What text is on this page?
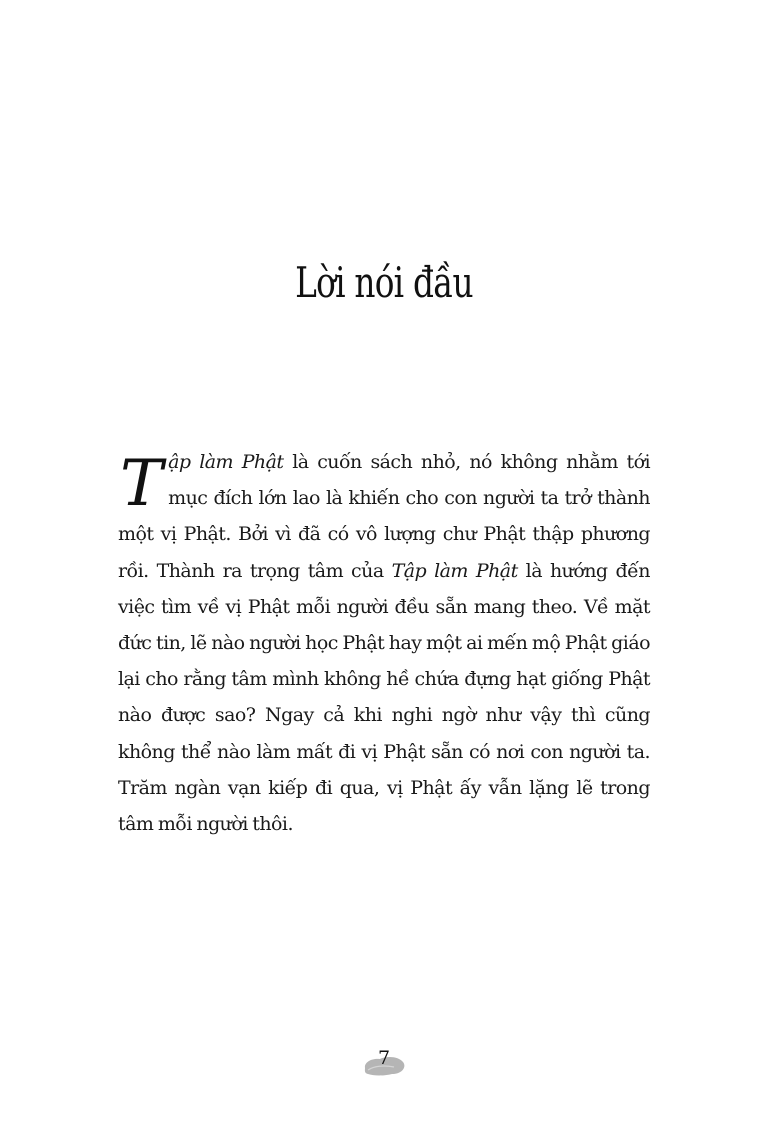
Lời nói đầu

Tập làm Phật là cuốn sách nhỏ, nó không nhằm tới mục đích lớn lao là khiến cho con người ta trở thành một vị Phật. Bởi vì đã có vô lượng chư Phật thập phương rồi. Thành ra trọng tâm của Tập làm Phật là hướng đến việc tìm về vị Phật mỗi người đều sẵn mang theo. Về mặt đức tin, lẽ nào người học Phật hay một ai mến mộ Phật giáo lại cho rằng tâm mình không hề chứa đựng hạt giống Phật nào được sao? Ngay cả khi nghi ngờ như vậy thì cũng không thể nào làm mất đi vị Phật sẵn có nơi con người ta. Trăm ngàn vạn kiếp đi qua, vị Phật ấy vẫn lặng lẽ trong tâm mỗi người thôi.

7
